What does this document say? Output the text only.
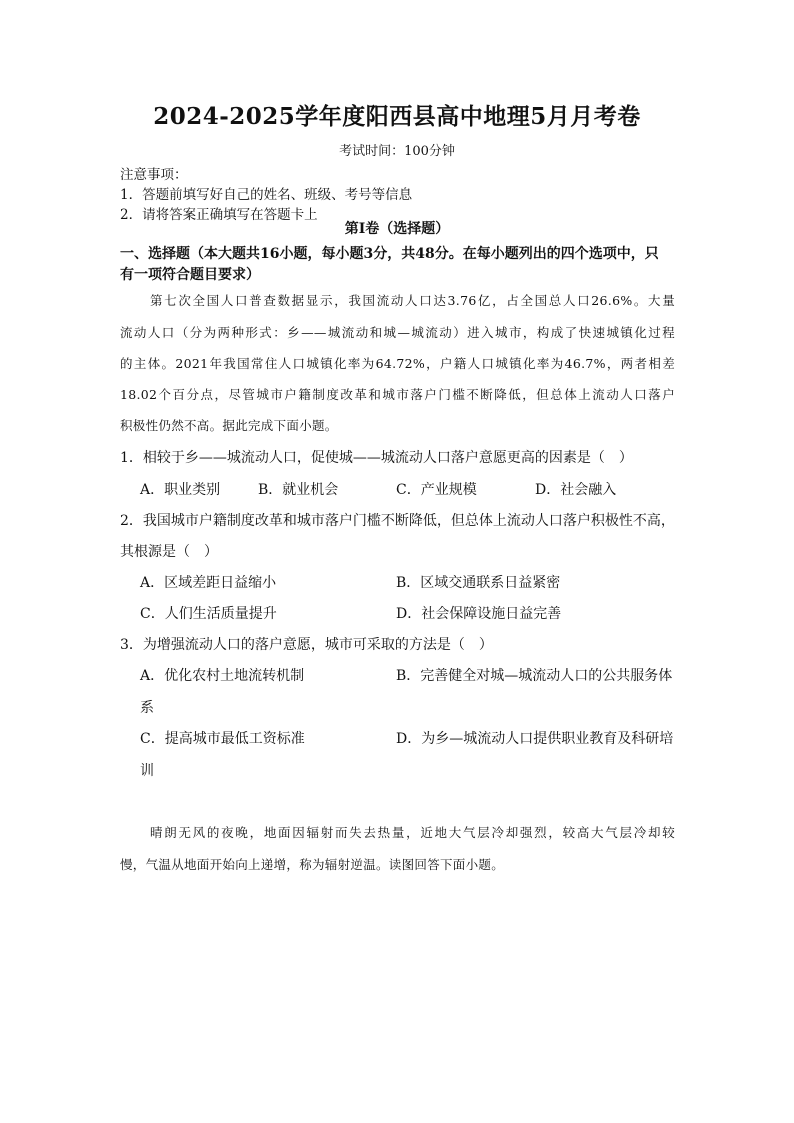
2024-2025学年度阳西县高中地理5月月考卷
考试时间：100分钟
注意事项：
1．答题前填写好自己的姓名、班级、考号等信息
2．请将答案正确填写在答题卡上
第I卷（选择题）
一、选择题（本大题共16小题，每小题3分，共48分。在每小题列出的四个选项中，只
有一项符合题目要求）
第七次全国人口普查数据显示，我国流动人口达3.76亿，占全国总人口26.6%。大量
流动人口（分为两种形式：乡——城流动和城—城流动）进入城市，构成了快速城镇化过程
的主体。2021年我国常住人口城镇化率为64.72%，户籍人口城镇化率为46.7%，两者相差
18.02个百分点，尽管城市户籍制度改革和城市落户门槛不断降低，但总体上流动人口落户
积极性仍然不高。据此完成下面小题。
1．相较于乡——城流动人口，促使城——城流动人口落户意愿更高的因素是（　）
A．职业类别	B．就业机会	C．产业规模	D．社会融入
2．我国城市户籍制度改革和城市落户门槛不断降低，但总体上流动人口落户积极性不高，
其根源是（　）
A．区域差距日益缩小	B．区域交通联系日益紧密
C．人们生活质量提升	D．社会保障设施日益完善
3．为增强流动人口的落户意愿，城市可采取的方法是（　）
A．优化农村土地流转机制	B．完善健全对城—城流动人口的公共服务体
系
C．提高城市最低工资标准	D．为乡—城流动人口提供职业教育及科研培
训
晴朗无风的夜晚，地面因辐射而失去热量，近地大气层冷却强烈，较高大气层冷却较
慢，气温从地面开始向上递增，称为辐射逆温。读图回答下面小题。
